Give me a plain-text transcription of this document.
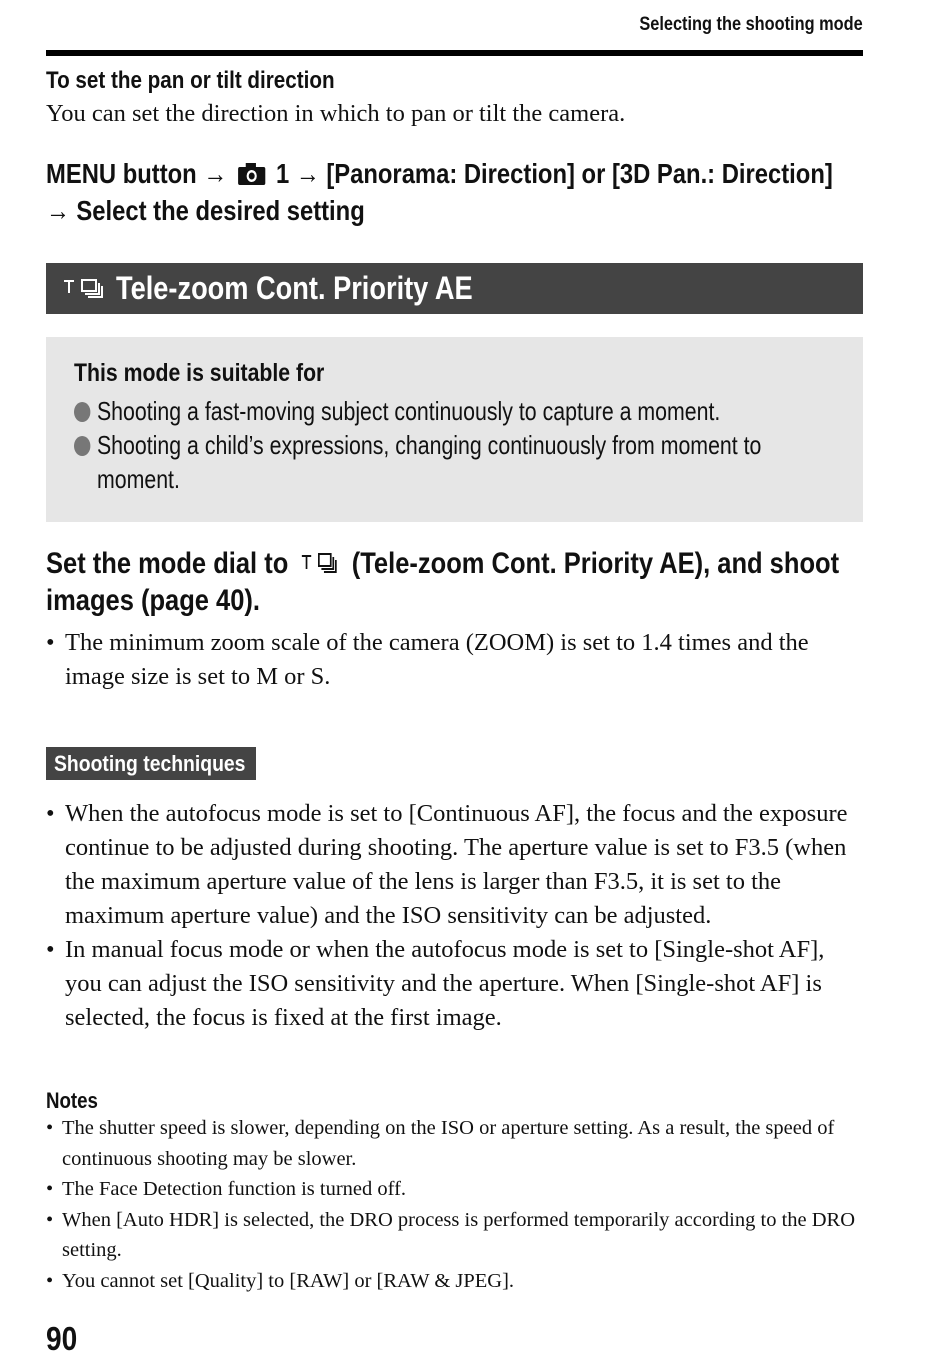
Selecting the shooting mode
To set the pan or tilt direction
You can set the direction in which to pan or tilt the camera.
MENU button → 1 → [Panorama: Direction] or [3D Pan.: Direction] → Select the desired setting
Tele-zoom Cont. Priority AE
This mode is suitable for
Shooting a fast-moving subject continuously to capture a moment.
Shooting a child’s expressions, changing continuously from moment to moment.
Set the mode dial to (Tele-zoom Cont. Priority AE), and shoot images (page 40).
• The minimum zoom scale of the camera (ZOOM) is set to 1.4 times and the image size is set to M or S.
Shooting techniques
• When the autofocus mode is set to [Continuous AF], the focus and the exposure continue to be adjusted during shooting. The aperture value is set to F3.5 (when the maximum aperture value of the lens is larger than F3.5, it is set to the maximum aperture value) and the ISO sensitivity can be adjusted.
• In manual focus mode or when the autofocus mode is set to [Single-shot AF], you can adjust the ISO sensitivity and the aperture. When [Single-shot AF] is selected, the focus is fixed at the first image.
Notes
• The shutter speed is slower, depending on the ISO or aperture setting. As a result, the speed of continuous shooting may be slower.
• The Face Detection function is turned off.
• When [Auto HDR] is selected, the DRO process is performed temporarily according to the DRO setting.
• You cannot set [Quality] to [RAW] or [RAW & JPEG].
90
